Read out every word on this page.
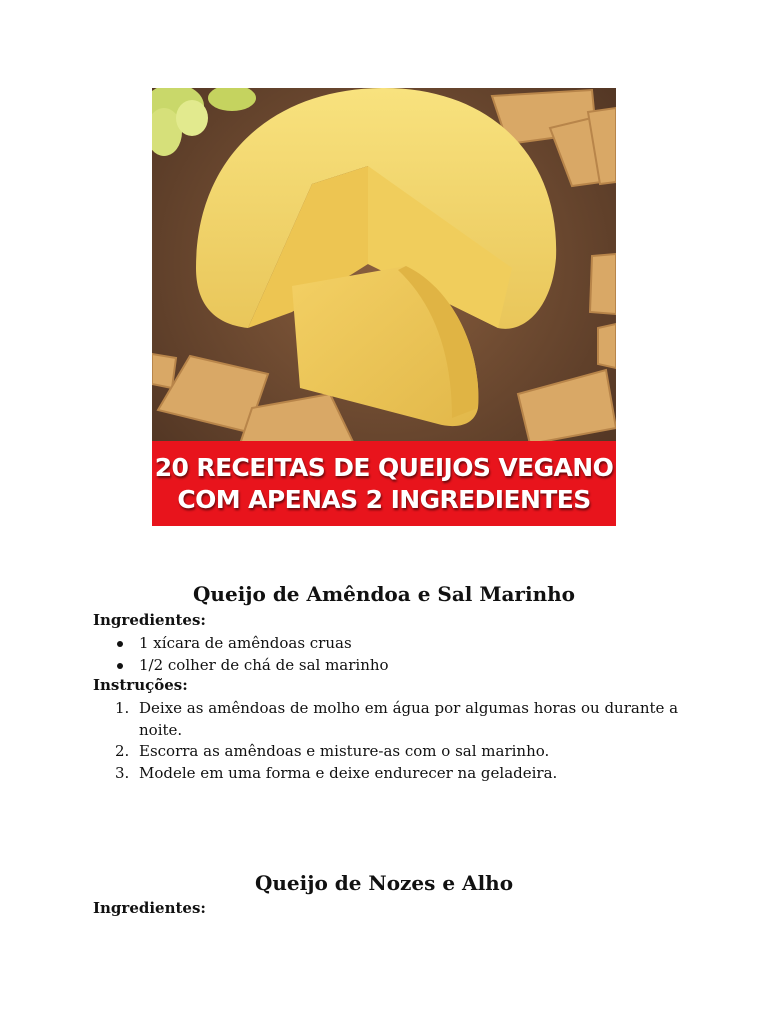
20 RECEITAS DE QUEIJOS VEGANO
COM APENAS 2 INGREDIENTES
Queijo de Amêndoa e Sal Marinho
Ingredientes:
1 xícara de amêndoas cruas
1/2 colher de chá de sal marinho
Instruções:
1. Deixe as amêndoas de molho em água por algumas horas ou durante a noite.
2. Escorra as amêndoas e misture-as com o sal marinho.
3. Modele em uma forma e deixe endurecer na geladeira.
Queijo de Nozes e Alho
Ingredientes:
